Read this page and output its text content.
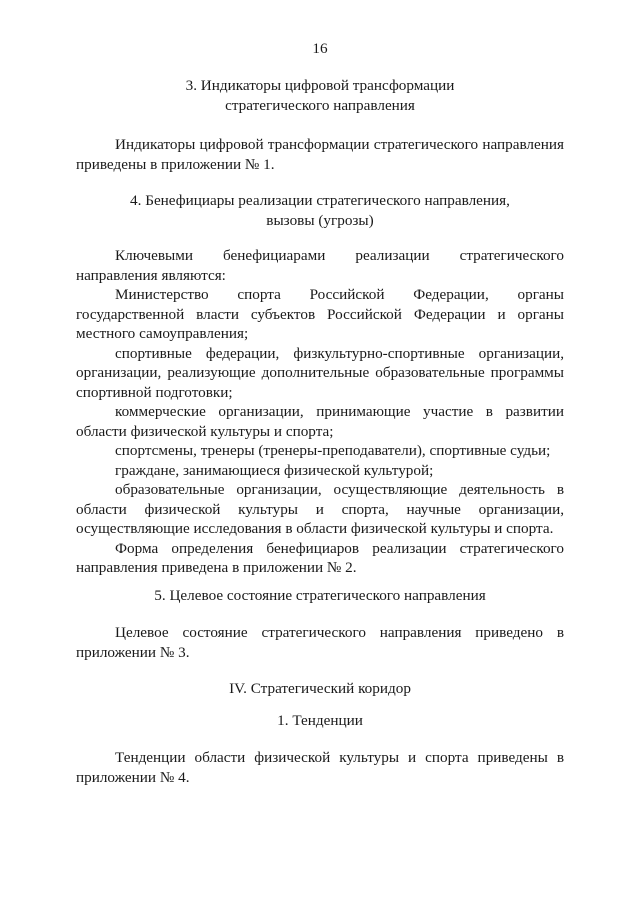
16
3. Индикаторы цифровой трансформации
стратегического направления

Индикаторы цифровой трансформации стратегического направления приведены в приложении № 1.

4. Бенефициары реализации стратегического направления,
вызовы (угрозы)

Ключевыми бенефициарами реализации стратегического направления являются:

Министерство спорта Российской Федерации, органы государственной власти субъектов Российской Федерации и органы местного самоуправления;

спортивные федерации, физкультурно-спортивные организации, организации, реализующие дополнительные образовательные программы спортивной подготовки;

коммерческие организации, принимающие участие в развитии области физической культуры и спорта;

спортсмены, тренеры (тренеры-преподаватели), спортивные судьи;

граждане, занимающиеся физической культурой;

образовательные организации, осуществляющие деятельность в области физической культуры и спорта, научные организации, осуществляющие исследования в области физической культуры и спорта.

Форма определения бенефициаров реализации стратегического направления приведена в приложении № 2.

5. Целевое состояние стратегического направления

Целевое состояние стратегического направления приведено в приложении № 3.

IV. Стратегический коридор
1. Тенденции

Тенденции области физической культуры и спорта приведены в приложении № 4.
